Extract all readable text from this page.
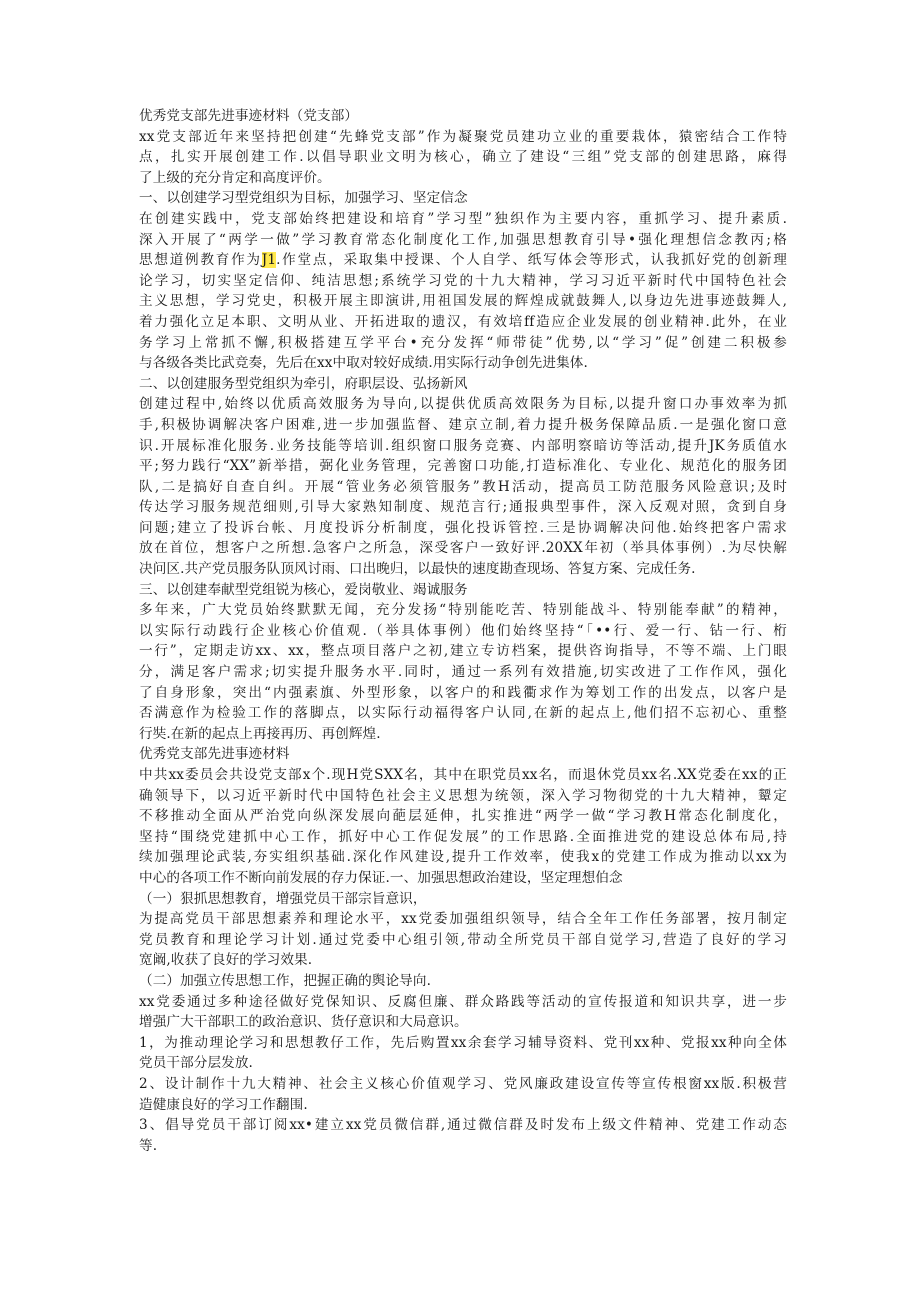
优秀党支部先进事迹材料（党支部）
xx党支部近年来坚持把创建“先蜂党支部”作为凝聚党员建功立业的重要栽体，猿密结合工作特
点，扎实开展创建工作.以倡导职业文明为核心，确立了建设“三组”党支部的创建思路，麻得
了上级的充分肯定和高度评价。
一、以创建学习型党组织为目标，加强学习、坚定信念
在创建实践中，党支部始终把建设和培育”学习型”独织作为主要内容，重抓学习、提升素质.
深入开展了“两学一做”学习教育常态化制度化工作,加强思想教育引导•强化理想信念教丙;格
思想道例教育作为J1.作堂点，采取集中授课、个人自学、纸写体会等形式，认我抓好党的创新理
论学习，切实坚定信仰、纯洁思想;系统学习党的十九大精神，学习习近平新时代中国特色社会
主义思想，学习党史，积极开展主即演讲,用祖国发展的辉煌成就鼓舞人,以身边先进事迹鼓舞人,
着力强化立足本职、文明从业、开拓进取的遗汉，有效培ff造应企业发展的创业精神.此外，在业
务学习上常抓不懈,积极搭建互学平台•充分发挥“师带徒”优势,以“学习”促”创建二积极参
与各级各类比武竞奏，先后在xx中取对较好成绩.用实际行动争创先进集体.
二、以创建服务型党组织为牵引，府职层设、弘扬新风
创建过程中,始终以优质高效服务为导向,以提供优质高效限务为目标,以提升窗口办事效率为抓
手,积极协调解决客户困难,进一步加强监督、建京立制,着力提升极务保障品质.一是强化窗口意
识.开展标准化服务.业务技能等培训.组织窗口服务竞赛、内部明察暗访等活动,提升JK务质值水
平;努力践行“XX”新举措，弼化业务管理，完善窗口功能,打造标准化、专业化、规范化的服务团
队,二是搞好自查自纠。开展“管业务必须管服务”教H活动，提高员工防范服务风险意识;及时
传达学习服务规范细则,引导大家熟知制度、规范言行;通报典型事件，深入反观对照，贪到自身
问题;建立了投诉台帐、月度投诉分析制度，强化投诉管控.三是协调解决问他.始终把客户需求
放在首位，想客户之所想.急客户之所急，深受客户一致好评.20XX年初（举具体事例）.为尽快解
决问区.共产党员服务队顶风讨雨、口出晚归，以最快的速度勘查现场、答复方案、完成任务.
三、以创建奉献型党组锐为核心，爱岗敬业、竭诚服务
多年来，广大党员始终默默无闻，充分发扬“特别能吃苦、特别能战斗、特别能奉献”的精神，
以实际行动践行企业核心价值观.（举具体事例）他们始终坚持“「••行、爱一行、钻一行、桁
一行”，定期走访xx、xx，整点项目落户之初,建立专访档案，提供咨询指导，不等不端、上门眼
分，满足客户需求;切实提升服务水平.同时，通过一系列有效措施,切实改进了工作作风，强化
了自身形象，突出“内强素旗、外型形象，以客户的和践衢求作为筹划工作的出发点，以客户是
否满意作为检验工作的落脚点，以实际行动福得客户认同,在新的起点上,他们招不忘初心、重整
行奘.在新的起点上再接再历、再创辉煌.
优秀党支部先进事迹材料
中共xx委员会共设党支部x个.现H党SXX名，其中在职党员xx名，而退休党员xx名.XX党委在xx的正
确领导下，以习近平新时代中国特色社会主义思想为统领，深入学习物彻党的十九大精神，颦定
不移推动全面从严治党向纵深发展向葩层延伸，扎实推进“两学一做“学习教H常态化制度化，
坚持“围绕党建抓中心工作，抓好中心工作促发展”的工作思路.全面推进党的建设总体布局,持
续加强理论武装,夯实组织基础.深化作风建设,提升工作效率，使我x的党建工作成为推动以xx为
中心的各项工作不断向前发展的存力保证.一、加强思想政治建设，坚定理想伯念
（一）狠抓思想教育，增强党员干部宗旨意识，
为提高党员干部思想素养和理论水平，xx党委加强组织领导，结合全年工作任务部署，按月制定
党员教育和理论学习计划.通过党委中心组引领,带动全所党员干部自觉学习,营造了良好的学习
宽阚,收获了良好的学习效果.
（二）加强立传思想工作，把握正确的舆论导向.
xx党委通过多种途径做好党保知识、反腐但廉、群众路践等活动的宣传报道和知识共享，进一步
增强广大干部职工的政治意识、货仔意识和大局意识。
1，为推动理论学习和思想教仔工作，先后购置xx余套学习辅导资料、党刊xx种、党报xx种向全体
党员干部分层发放.
2、设计制作十九大精神、社会主义核心价值观学习、党风廉政建设宣传等宣传根窗xx版.积极营
造健康良好的学习工作翻围.
3、倡导党员干部订阅xx•建立xx党员微信群,通过微信群及时发布上级文件精神、党建工作动态
等.
